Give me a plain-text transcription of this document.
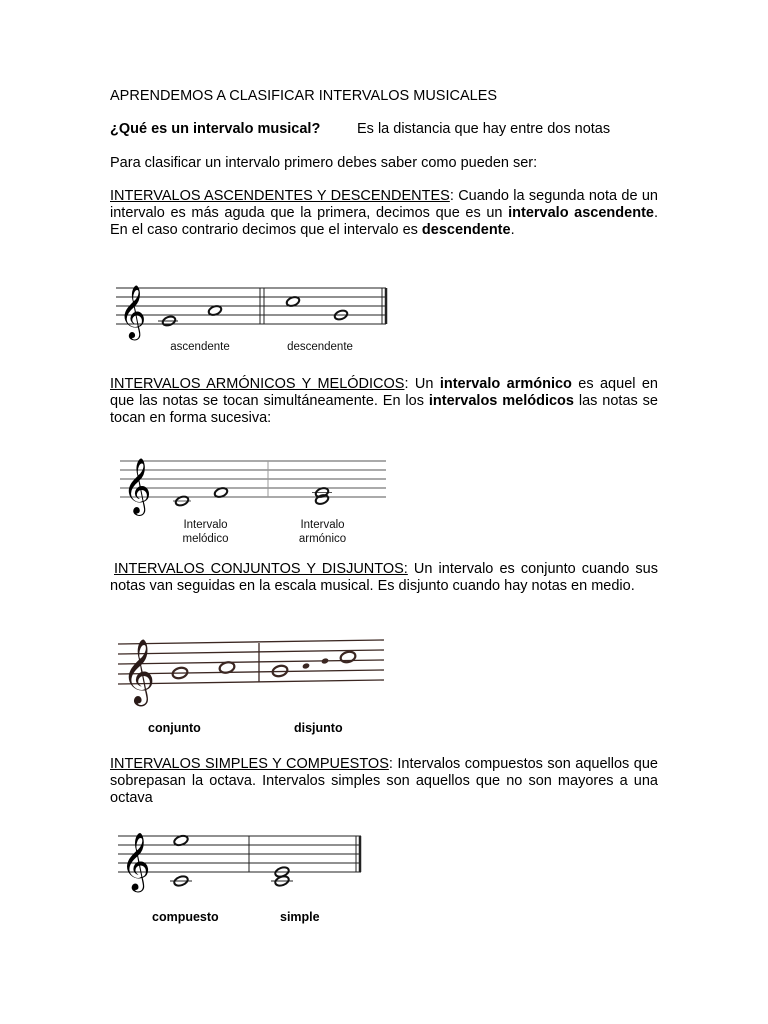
APRENDEMOS A CLASIFICAR INTERVALOS MUSICALES
¿Qué es un intervalo musical?	Es la distancia que hay entre dos notas
Para clasificar un intervalo primero debes saber como pueden ser:
INTERVALOS ASCENDENTES Y DESCENDENTES: Cuando la segunda nota de un intervalo es más aguda que la primera, decimos que es un intervalo ascendente. En el caso contrario decimos que el intervalo es descendente.
𝄞
ascendente	descendente
INTERVALOS ARMÓNICOS Y MELÓDICOS: Un intervalo armónico es aquel en que las notas se tocan simultáneamente. En los intervalos melódicos las notas se tocan en forma sucesiva:
𝄞
Intervalo
melódico
Intervalo
armónico
INTERVALOS CONJUNTOS Y DISJUNTOS: Un intervalo es conjunto cuando sus notas van seguidas en la escala musical. Es disjunto cuando hay notas en medio.
𝄞
conjunto	disjunto
INTERVALOS SIMPLES Y COMPUESTOS: Intervalos compuestos son aquellos que sobrepasan la octava. Intervalos simples son aquellos que no son mayores a una octava
𝄞
compuesto	simple
